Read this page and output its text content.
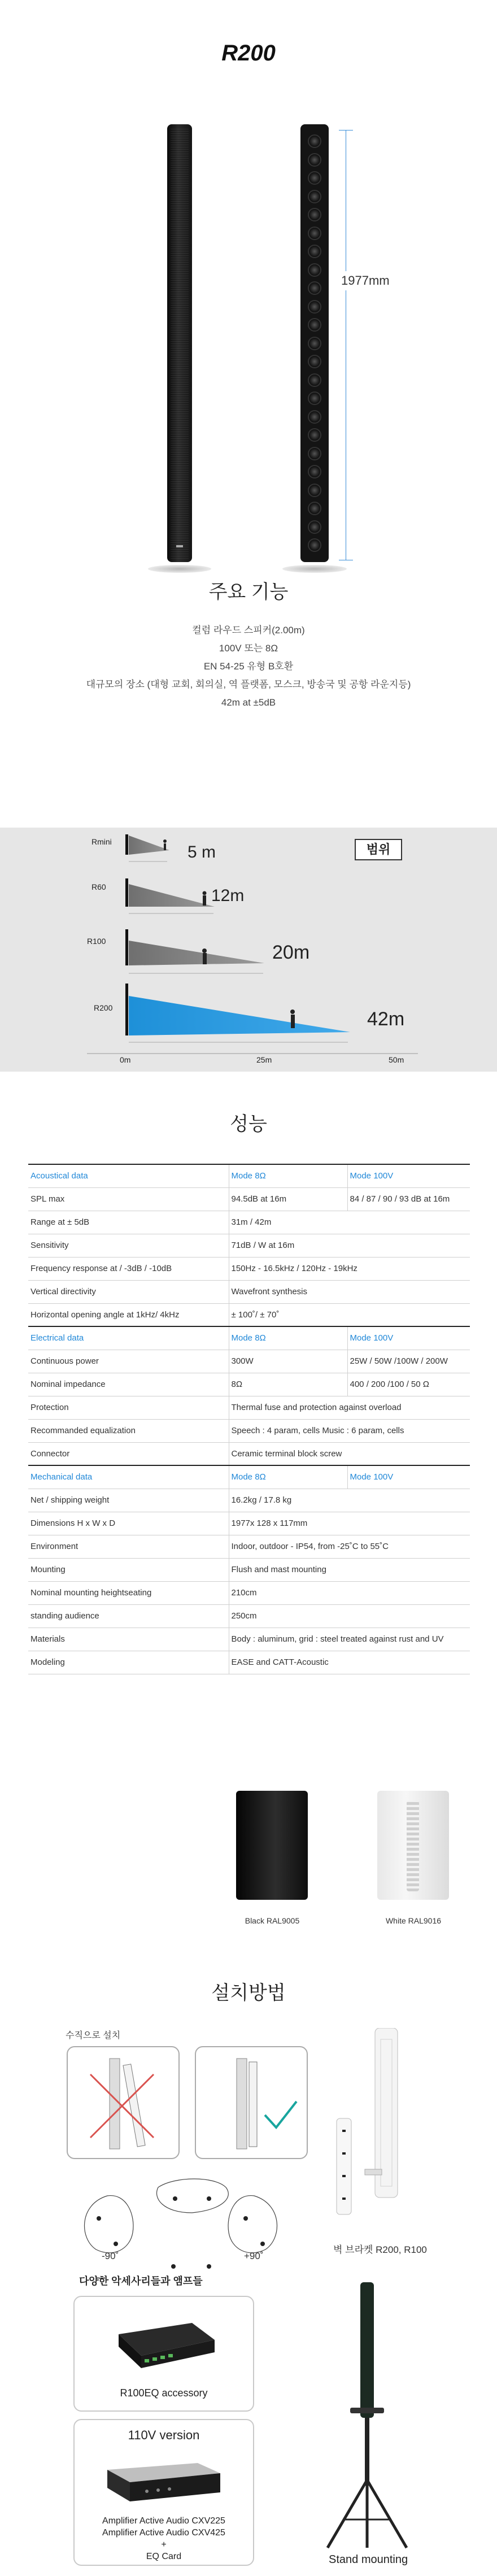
R200
1977mm
주요 기능
컬럼 라우드 스피커(2.00m)
100V 또는 8Ω
EN 54-25 유형 B호환
대규모의 장소 (대형 교회, 회의실, 역 플랫폼, 모스크, 방송국 및 공항 라운지등)
42m at ±5dB
Rmini
5 m
R60	12m
R100
20m
R200
42m
0m	25m	50m
범위
성능
Acoustical data	Mode 8Ω	Mode 100V
SPL max	94.5dB at 16m	84 / 87 / 90 / 93 dB at 16m
Range at ± 5dB	31m / 42m	
Sensitivity	71dB / W at 16m	
Frequency response at / -3dB / -10dB	150Hz - 16.5kHz / 120Hz - 19kHz	
Vertical directivity	Wavefront synthesis	
Horizontal opening angle at 1kHz/ 4kHz	± 100˚/ ± 70˚	
Electrical data	Mode 8Ω	Mode 100V
Continuous power	300W	25W / 50W /100W / 200W
Nominal impedance	8Ω	400 / 200 /100 / 50 Ω
Protection	Thermal fuse and protection against overload	
Recommanded equalization	Speech : 4 param, cells Music : 6 param, cells	
Connector	Ceramic terminal block screw	
Mechanical data	Mode 8Ω	Mode 100V
Net / shipping weight	16.2kg / 17.8 kg	
Dimensions H x W x D	1977x 128 x 117mm	
Environment	Indoor, outdoor - IP54, from -25˚C to 55˚C	
Mounting	Flush and mast mounting	
Nominal mounting heightseating	210cm	
standing audience	250cm	
Materials	Body : aluminum, grid : steel treated against rust and UV	
Modeling	EASE and CATT-Acoustic	
Black RAL9005	White RAL9016
설치방법
수직으로 설치
-90˚	+90˚
벽 브라켓 R200, R100
다양한 악세사리들과 앰프들
R100EQ accessory
110V version
Amplifier Active Audio CXV225
Amplifier Active Audio CXV425
+
EQ Card	Stand mounting
